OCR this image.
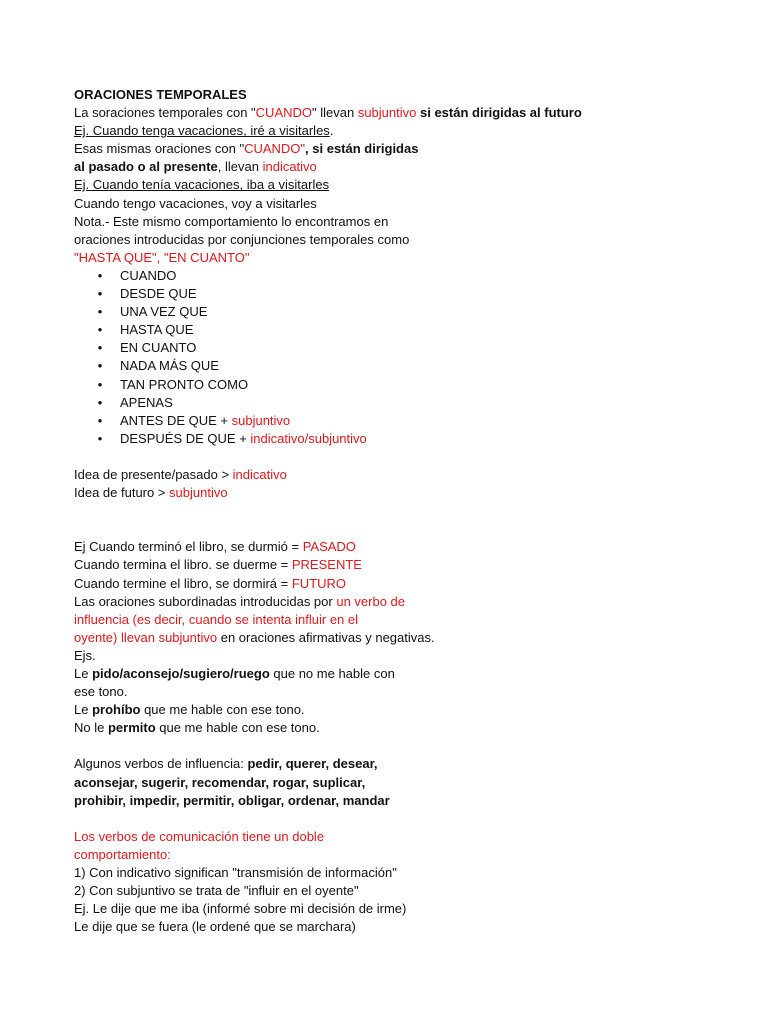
ORACIONES TEMPORALES
La soraciones temporales con "CUANDO" llevan subjuntivo si están dirigidas al futuro
Ej. Cuando tenga vacaciones, iré a visitarles.
Esas mismas oraciones con "CUANDO", si están dirigidas
al pasado o al presente, llevan indicativo
Ej. Cuando tenía vacaciones, iba a visitarles
Cuando tengo vacaciones, voy a visitarles
Nota.- Este mismo comportamiento lo encontramos en
oraciones introducidas por conjunciones temporales como
"HASTA QUE", "EN CUANTO"
• CUANDO
• DESDE QUE
• UNA VEZ QUE
• HASTA QUE
• EN CUANTO
• NADA MÁS QUE
• TAN PRONTO COMO
• APENAS
• ANTES DE QUE + subjuntivo
• DESPUÉS DE QUE + indicativo/subjuntivo
Idea de presente/pasado > indicativo
Idea de futuro > subjuntivo
Ej Cuando terminó el libro, se durmió = PASADO
Cuando termina el libro. se duerme = PRESENTE
Cuando termine el libro, se dormirá = FUTURO
Las oraciones subordinadas introducidas por un verbo de
influencia (es decir, cuando se intenta influir en el
oyente) llevan subjuntivo en oraciones afirmativas y negativas.
Ejs.
Le pido/aconsejo/sugiero/ruego que no me hable con
ese tono.
Le prohíbo que me hable con ese tono.
No le permito que me hable con ese tono.
Algunos verbos de influencia: pedir, querer, desear,
aconsejar, sugerir, recomendar, rogar, suplicar,
prohibir, impedir, permitir, obligar, ordenar, mandar
Los verbos de comunicación tiene un doble
comportamiento:
1) Con indicativo significan "transmisión de información"
2) Con subjuntivo se trata de "influir en el oyente"
Ej. Le dije que me iba (informé sobre mi decisión de irme)
Le dije que se fuera (le ordené que se marchara)
